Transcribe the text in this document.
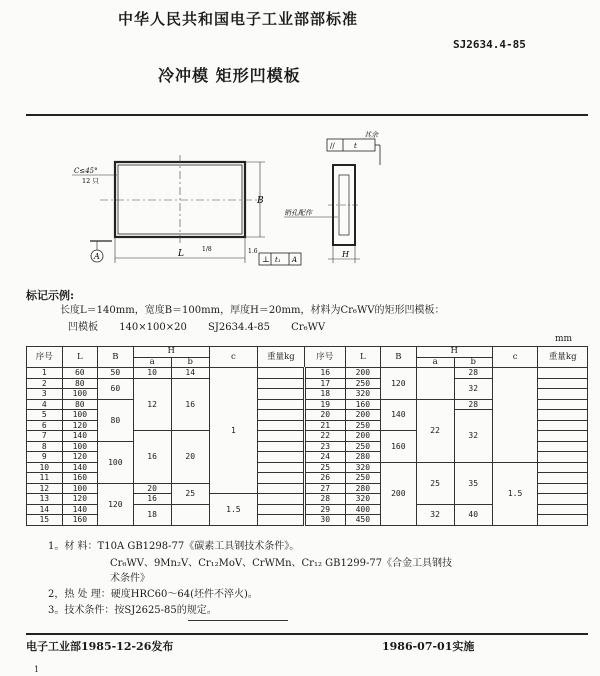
中华人民共和国电子工业部部标准
SJ2634.4-85
冷冲模 矩形凹模板
B
L	1/8
C≤45°
12 只
A
1.6
⊥ t₁ A
//	t
其余
销孔配作
H
标记示例:
长度L＝140mm，宽度B＝100mm，厚度H＝20mm，材料为Cr₆WV的矩形凹模板：
凹模板 140×100×20 SJ2634.4-85 Cr₆WV
mm
序号	L	B	H		c	重量kg	序号	L	B	H		c	重量kg
			a	b						a	b		
1	60	50	10	14	1		16	200	120		28		
2	80	60	12	16			17	250			32		
3	100						18	320					
4	80	80					19	160	140	22	28		
5	100						20	200			32		
6	120						21	250					
7	140		16	20			22	200	160				
8	100	100					23	250					
9	120						24	280					
10	140						25	320	200	25	35	1.5	
11	160						26	250					
12	100	120	20	25			27	280					
13	120		16		1.5		28	320					
14	140		18				29	400		32	40		
15	160						30	450					
1。材 料：T10A GB1298-77《碳素工具钢技术条件》。
Cr₆WV、9Mn₂V、Cr₁₂MoV、CrWMn、Cr₁₂ GB1299-77《合金工具钢技
术条件》
2，热 处 理：硬度HRC60～64(坯件不淬火)。
3。技术条件：按SJ2625-85的规定。
电子工业部1985-12-26发布	1986-07-01实施
1
